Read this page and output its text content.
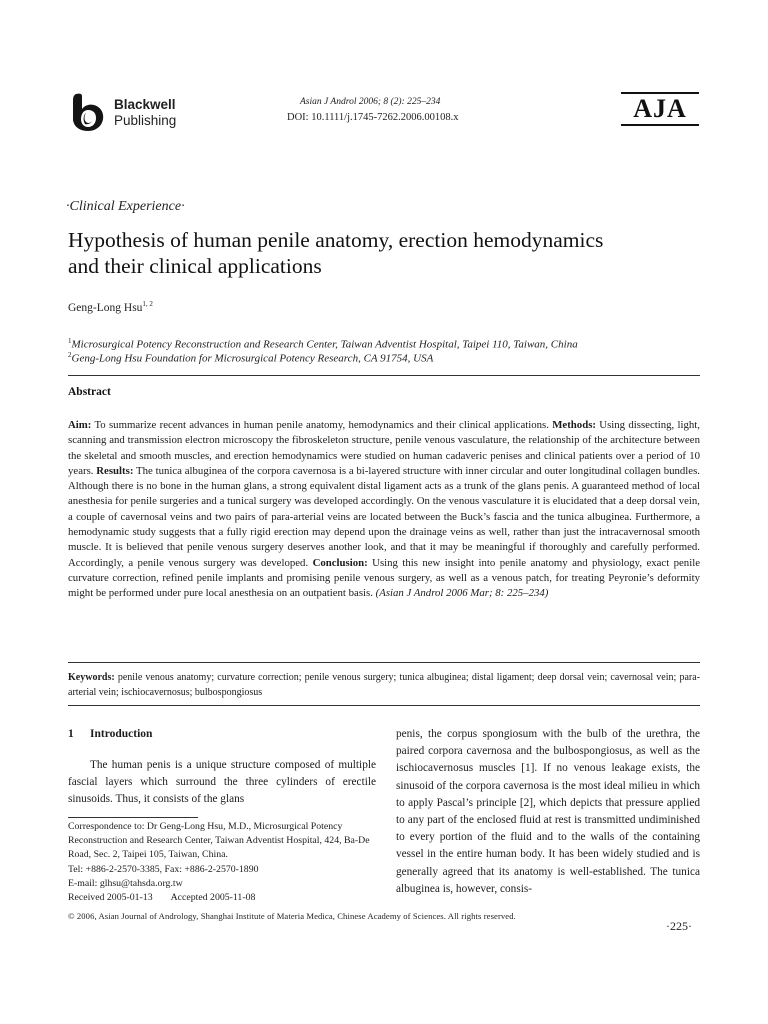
Blackwell
Publishing
Asian J Androl 2006; 8 (2): 225–234
DOI: 10.1111/j.1745-7262.2006.00108.x	AJA
·Clinical Experience·
Hypothesis of human penile anatomy, erection hemodynamics
and their clinical applications
Geng-Long Hsu$^{1, 2}$
$^1$Microsurgical Potency Reconstruction and Research Center, Taiwan Adventist Hospital, Taipei 110, Taiwan, China
$^2$Geng-Long Hsu Foundation for Microsurgical Potency Research, CA 91754, USA
Abstract
Aim: To summarize recent advances in human penile anatomy, hemodynamics and their clinical applications. Methods: Using dissecting, light, scanning and transmission electron microscopy the fibroskeleton structure, penile venous vasculature, the relationship of the architecture between the skeletal and smooth muscles, and erection hemodynamics were studied on human cadaveric penises and clinical patients over a period of 10 years. Results: The tunica albuginea of the corpora cavernosa is a bi-layered structure with inner circular and outer longitudinal collagen bundles. Although there is no bone in the human glans, a strong equivalent distal ligament acts as a trunk of the glans penis. A guaranteed method of local anesthesia for penile surgeries and a tunical surgery was developed accordingly. On the venous vasculature it is elucidated that a deep dorsal vein, a couple of cavernosal veins and two pairs of para-arterial veins are located between the Buck’s fascia and the tunica albuginea. Furthermore, a hemodynamic study suggests that a fully rigid erection may depend upon the drainage veins as well, rather than just the intracavernosal smooth muscle. It is believed that penile venous surgery deserves another look, and that it may be meaningful if thoroughly and carefully performed. Accordingly, a penile venous surgery was developed. Conclusion: Using this new insight into penile anatomy and physiology, exact penile curvature correction, refined penile implants and promising penile venous surgery, as well as a venous patch, for treating Peyronie’s deformity might be performed under pure local anesthesia on an outpatient basis. (Asian J Androl 2006 Mar; 8: 225–234)
Keywords: penile venous anatomy; curvature correction; penile venous surgery; tunica albuginea; distal ligament; deep dorsal vein; cavernosal vein; para-arterial vein; ischiocavernosus; bulbospongiosus
1 Introduction
The human penis is a unique structure composed of multiple fascial layers which surround the three cylinders of erectile sinusoids. Thus, it consists of the glans
Correspondence to: Dr Geng-Long Hsu, M.D., Microsurgical Potency Reconstruction and Research Center, Taiwan Adventist Hospital, 424, Ba-De Road, Sec. 2, Taipei 105, Taiwan, China.
Tel: +886-2-2570-3385, Fax: +886-2-2570-1890
E-mail: glhsu@tahsda.org.tw
Received 2005-01-13 Accepted 2005-11-08
penis, the corpus spongiosum with the bulb of the urethra, the paired corpora cavernosa and the bulbospongiosus, as well as the ischiocavernosus muscles [1]. If no venous leakage exists, the sinusoid of the corpora cavernosa is the most ideal milieu in which to apply Pascal’s principle [2], which depicts that pressure applied to any part of the enclosed fluid at rest is transmitted undiminished to every portion of the fluid and to the walls of the containing vessel in the entire human body. It has been widely studied and is generally agreed that its anatomy is well-established. The tunica albuginea is, however, consis-
© 2006, Asian Journal of Andrology, Shanghai Institute of Materia Medica, Chinese Academy of Sciences. All rights reserved.
·225·
